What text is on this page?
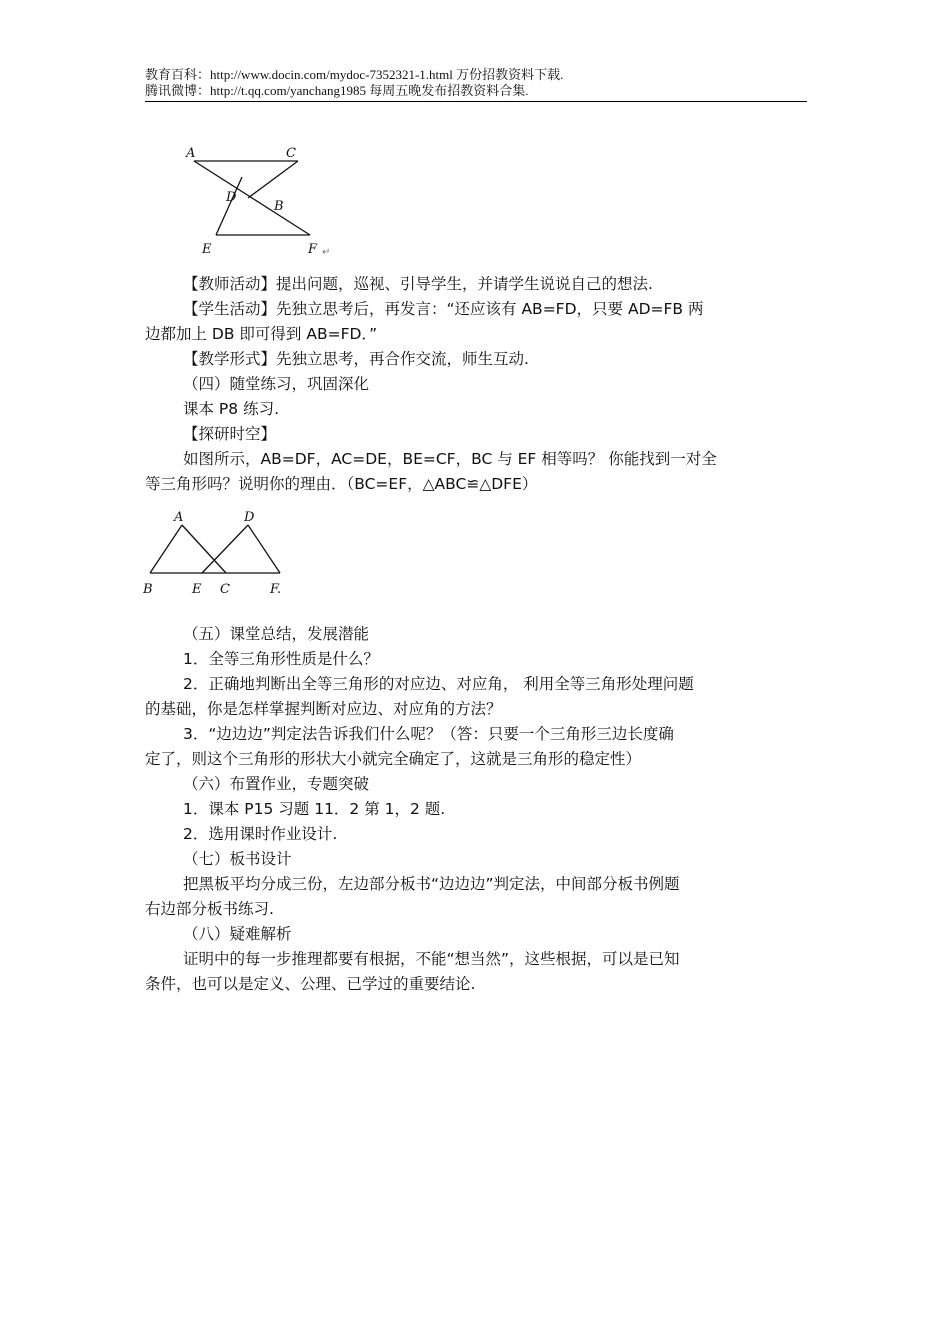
教育百科：http://www.docin.com/mydoc-7352321-1.html 万份招教资料下载.
腾讯微博：http://t.qq.com/yanchang1985 每周五晚发布招教资料合集.
A	C
D
B
E	F ↵

【教师活动】提出问题，巡视、引导学生，并请学生说说自己的想法.

【学生活动】先独立思考后，再发言：“还应该有 AB=FD，只要 AD=FB 两

边都加上 DB 即可得到 AB=FD．”

【教学形式】先独立思考，再合作交流，师生互动.

（四）随堂练习，巩固深化

课本 P8 练习.

【探研时空】

如图所示，AB=DF，AC=DE，BE=CF，BC 与 EF 相等吗？ 你能找到一对全

等三角形吗？说明你的理由．（BC=EF，△ABC≌△DFE）

A	D
B	E C	F.

（五）课堂总结，发展潜能

1．全等三角形性质是什么？

2．正确地判断出全等三角形的对应边、对应角， 利用全等三角形处理问题

的基础，你是怎样掌握判断对应边、对应角的方法？

3．“边边边”判定法告诉我们什么呢？（答：只要一个三角形三边长度确

定了，则这个三角形的形状大小就完全确定了，这就是三角形的稳定性）

（六）布置作业，专题突破

1．课本 P15 习题 11．2 第 1，2 题.

2．选用课时作业设计.

（七）板书设计

把黑板平均分成三份，左边部分板书“边边边”判定法，中间部分板书例题

右边部分板书练习.

（八）疑难解析

证明中的每一步推理都要有根据，不能“想当然”，这些根据，可以是已知

条件，也可以是定义、公理、已学过的重要结论.
